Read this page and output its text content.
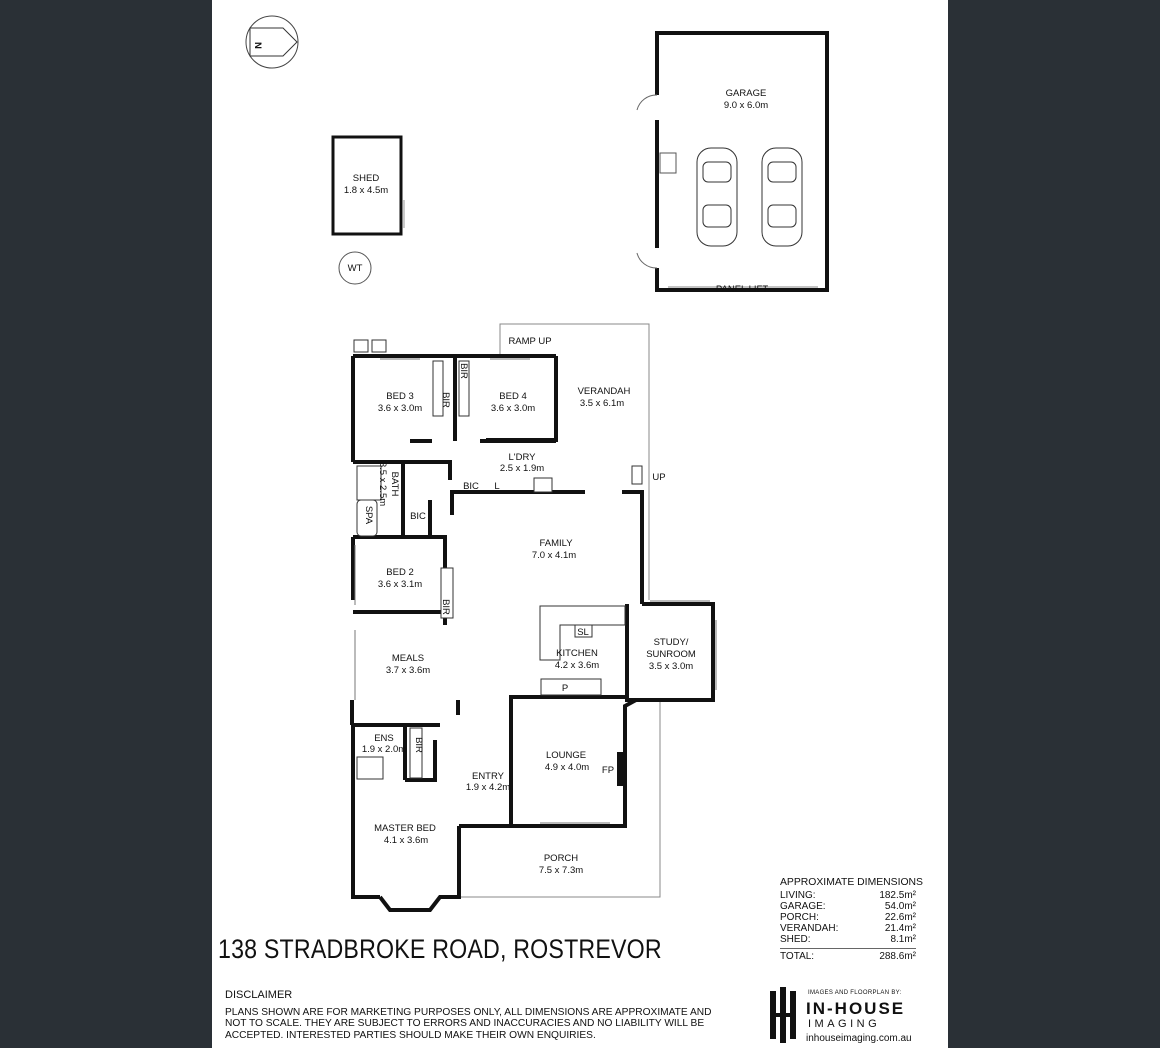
N
SHED
1.8 x 4.5m
WT
GARAGE
9.0 x 6.0m
PANEL LIFT
RAMP UP
VERANDAH
3.5 x 6.1m
UP
BED 3
3.6 x 3.0m
BED 4
3.6 x 3.0m
BIR
BIR
L'DRY
2.5 x 1.9m
BIC L
BATH
3.5 x 2.5m
SPA	BIC
FAMILY
7.0 x 4.1m
BED 2
3.6 x 3.1m
BIR
SL
KITCHEN
4.2 x 3.6m
P
STUDY/
SUNROOM
3.5 x 3.0m
MEALS
3.7 x 3.6m
ENS
1.9 x 2.0m BIR
LOUNGE
4.9 x 4.0m FP
ENTRY
1.9 x 4.2m
MASTER BED
4.1 x 3.6m
PORCH
7.5 x 7.3m
138 STRADBROKE ROAD, ROSTREVOR
APPROXIMATE DIMENSIONS
LIVING:	182.5m²
GARAGE:	54.0m²
PORCH:	22.6m²
VERANDAH:	21.4m²
SHED:	8.1m²
TOTAL:	288.6m²
DISCLAIMER
PLANS SHOWN ARE FOR MARKETING PURPOSES ONLY, ALL DIMENSIONS ARE APPROXIMATE AND NOT TO SCALE. THEY ARE SUBJECT TO ERRORS AND INACCURACIES AND NO LIABILITY WILL BE ACCEPTED. INTERESTED PARTIES SHOULD MAKE THEIR OWN ENQUIRIES.
IMAGES AND FLOORPLAN BY:
IN-HOUSE
IMAGING
inhouseimaging.com.au
